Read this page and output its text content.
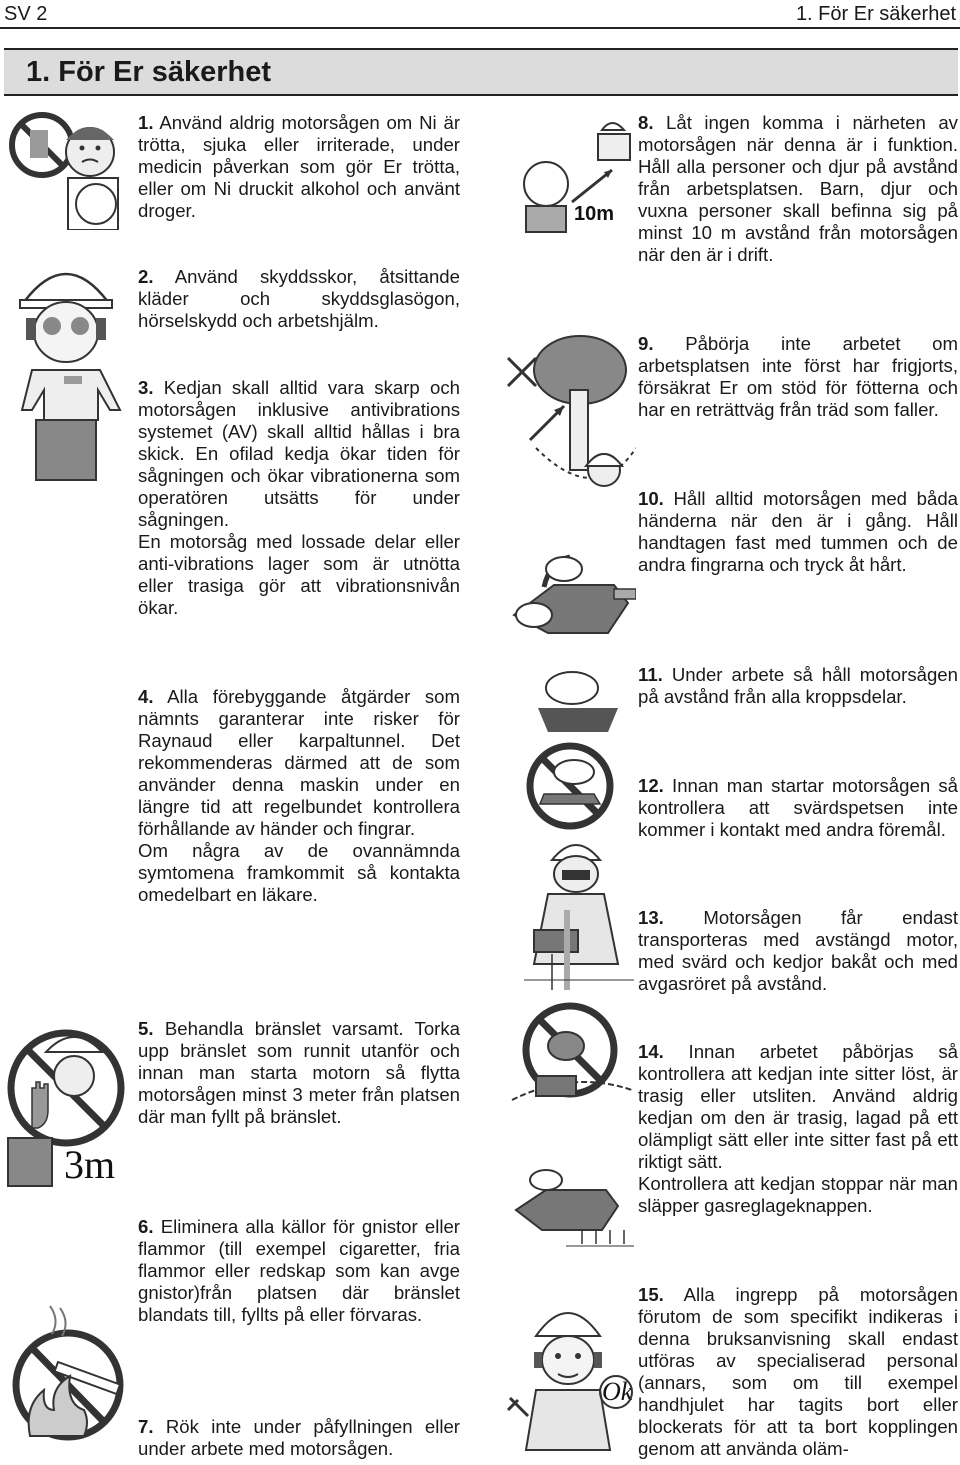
SV 2	1. För Er säkerhet
1. För Er säkerhet

1. Använd aldrig motorsågen om Ni är trötta, sjuka eller irriterade, under medicin påverkan som gör Er trötta, eller om Ni druckit alkohol och använt droger.

2. Använd skyddsskor, åtsittande kläder och skyddsglasögon, hörselskydd och arbetshjälm.

3. Kedjan skall alltid vara skarp och motorsågen inklusive antivibrations systemet (AV) skall alltid hållas i bra skick. En ofilad kedja ökar tiden för sågningen och ökar vibrationerna som operatören utsätts för under sågningen.

En motorsåg med lossade delar eller anti-vibrations lager som är utnötta eller trasiga gör att vibrationsnivån ökar.

4. Alla förebyggande åtgärder som nämnts garanterar inte risker för Raynaud eller karpaltunnel. Det rekommenderas därmed att de som använder denna maskin under en längre tid att regelbundet kontrollera förhållande av händer och fingrar.

Om några av de ovannämnda symtomena framkommit så kontakta omedelbart en läkare.

5. Behandla bränslet varsamt. Torka upp bränslet som runnit utanför och innan man starta motorn så flytta motorsågen minst 3 meter från platsen där man fyllt på bränslet.

6. Eliminera alla källor för gnistor eller flammor (till exempel cigaretter, fria flammor eller redskap som kan avge gnistor)från platsen där bränslet blandats till, fyllts på eller förvaras.

7. Rök inte under påfyllningen eller under arbete med motorsågen.

8. Låt ingen komma i närheten av motorsågen när denna är i funktion. Håll alla personer och djur på avstånd från arbetsplatsen. Barn, djur och vuxna personer skall befinna sig på minst 10 m avstånd från motorsågen när den är i drift.

9. Påbörja inte arbetet om arbetsplatsen inte först har frigjorts, försäkrat Er om stöd för fötterna och har en reträttväg från träd som faller.

10. Håll alltid motorsågen med båda händerna när den är i gång. Håll handtagen fast med tummen och de andra fingrarna och tryck åt hårt.

11. Under arbete så håll motorsågen på avstånd från alla kroppsdelar.

12. Innan man startar motorsågen så kontrollera att svärdspetsen inte kommer i kontakt med andra föremål.

13. Motorsågen får endast transporteras med avstängd motor, med svärd och kedjor bakåt och med avgasröret på avstånd.

14. Innan arbetet påbörjas så kontrollera att kedjan inte sitter löst, är trasig eller utsliten. Använd aldrig kedjan om den är trasig, lagad på ett olämpligt sätt eller inte sitter fast på ett riktigt sätt.

Kontrollera att kedjan stoppar när man släpper gasreglageknappen.

15. Alla ingrepp på motorsågen förutom de som specifikt indikeras i denna bruksanvisning skall endast utföras av specialiserad personal (annars, som om till exempel handhjulet har tagits bort eller blockerats för att ta bort kopplingen genom att använda oläm-

3m
10m
Ok
